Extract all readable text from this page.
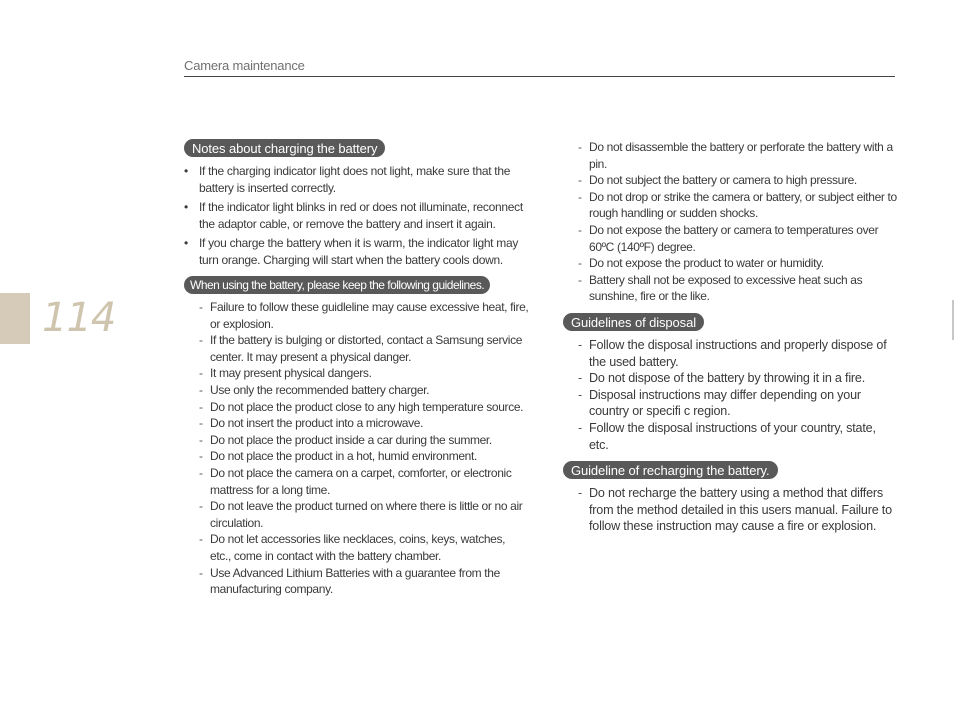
Camera maintenance
114
Notes about charging the battery
• If the charging indicator light does not light, make sure that the battery is inserted correctly.
• If the indicator light blinks in red or does not illuminate, reconnect the adaptor cable, or remove the battery and insert it again.
• If you charge the battery when it is warm, the indicator light may turn orange. Charging will start when the battery cools down.
When using the battery, please keep the following guidelines.
- Failure to follow these guidleline may cause excessive heat, fire, or explosion.
- If the battery is bulging or distorted, contact a Samsung service center. It may present a physical danger.
- It may present physical dangers.
- Use only the recommended battery charger.
- Do not place the product close to any high temperature source.
- Do not insert the product into a microwave.
- Do not place the product inside a car during the summer.
- Do not place the product in a hot, humid environment.
- Do not place the camera on a carpet, comforter, or electronic mattress for a long time.
- Do not leave the product turned on where there is little or no air circulation.
- Do not let accessories like necklaces, coins, keys, watches, etc., come in contact with the battery chamber.
- Use Advanced Lithium Batteries with a guarantee from the manufacturing company.
- Do not disassemble the battery or perforate the battery with a pin.
- Do not subject the battery or camera to high pressure.
- Do not drop or strike the camera or battery, or subject either to rough handling or sudden shocks.
- Do not expose the battery or camera to temperatures over 60ºC (140ºF) degree.
- Do not expose the product to water or humidity.
- Battery shall not be exposed to excessive heat such as sunshine, fire or the like.
Guidelines of disposal
- Follow the disposal instructions and properly dispose of the used battery.
- Do not dispose of the battery by throwing it in a fire.
- Disposal instructions may differ depending on your country or specifi c region.
- Follow the disposal instructions of your country, state, etc.
Guideline of recharging the battery.
- Do not recharge the battery using a method that differs from the method detailed in this users manual. Failure to follow these instruction may cause a fire or explosion.
